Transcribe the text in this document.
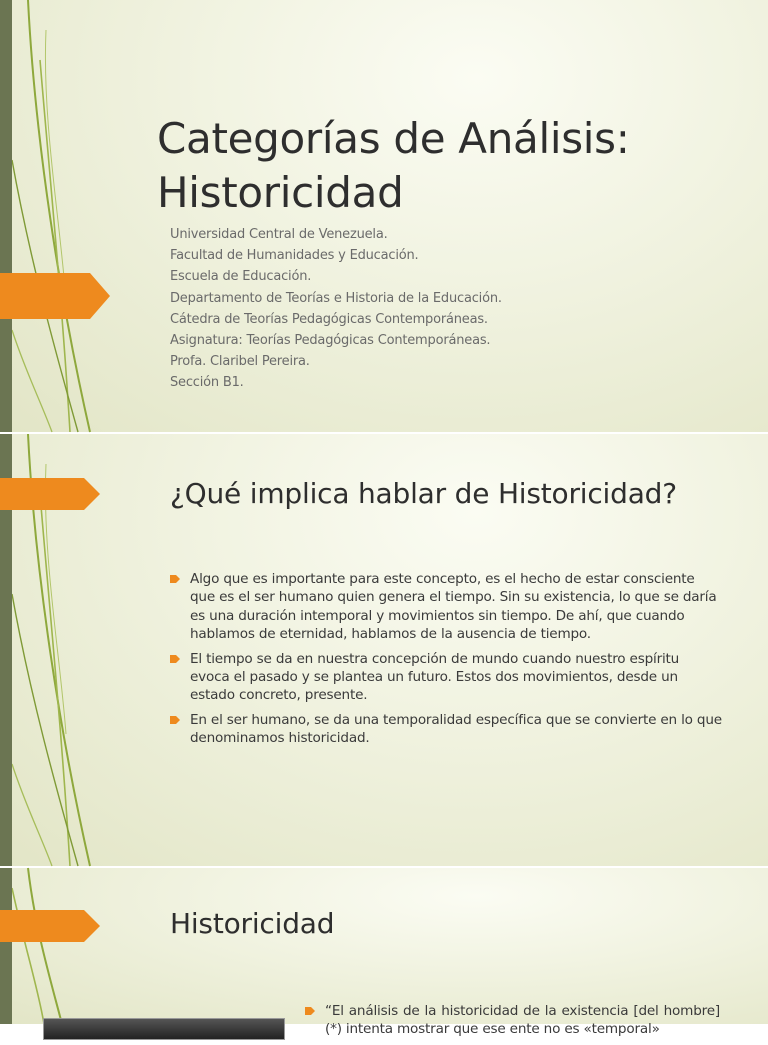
Categorías de Análisis:
Historicidad
Universidad Central de Venezuela.
Facultad de Humanidades y Educación.
Escuela de Educación.
Departamento de Teorías e Historia de la Educación.
Cátedra de Teorías Pedagógicas Contemporáneas.
Asignatura: Teorías Pedagógicas Contemporáneas.
Profa. Claribel Pereira.
Sección B1.
¿Qué implica hablar de Historicidad?
Algo que es importante para este concepto, es el hecho de estar consciente que es el ser humano quien genera el tiempo. Sin su existencia, lo que se daría es una duración intemporal y movimientos sin tiempo. De ahí, que cuando hablamos de eternidad, hablamos de la ausencia de tiempo.
El tiempo se da en nuestra concepción de mundo cuando nuestro espíritu evoca el pasado y se plantea un futuro. Estos dos movimientos, desde un estado concreto, presente.
En el ser humano, se da una temporalidad específica que se convierte en lo que denominamos historicidad.
Historicidad
“El análisis de la historicidad de la existencia [del hombre](*) intenta mostrar que ese ente no es «temporal»
